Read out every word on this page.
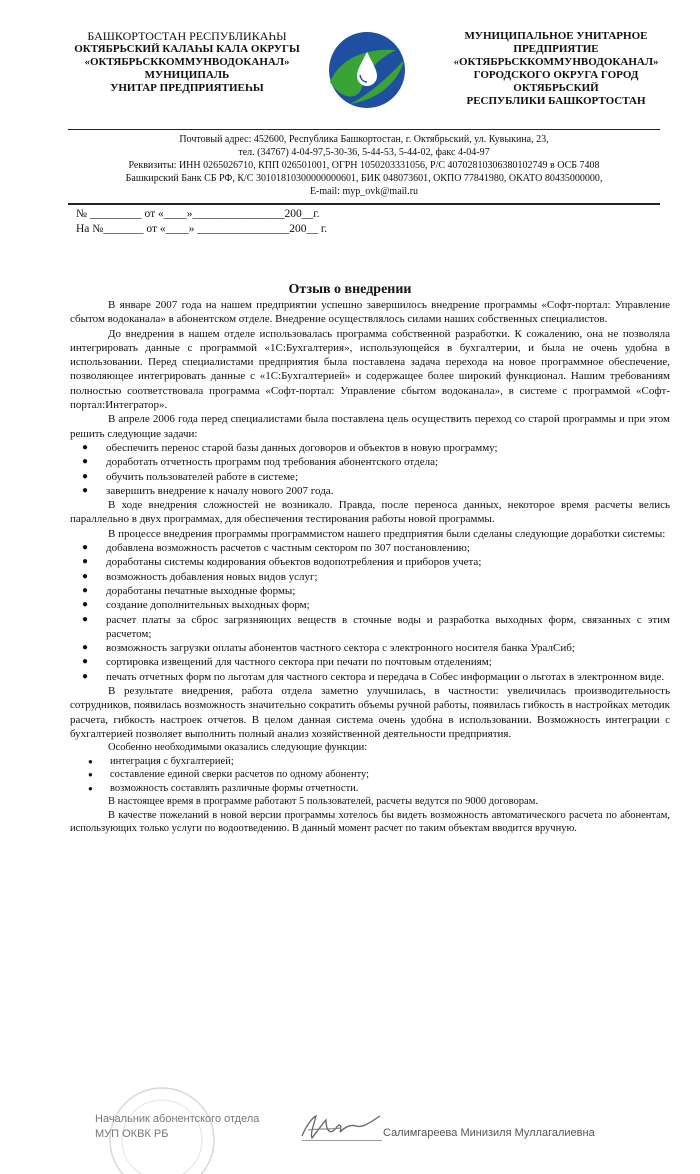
БАШКОРТОСТАН РЕСПУБЛИКАҺЫ
ОКТЯБРЬСКИЙ КАЛАҺЫ КАЛА ОКРУГЫ
«ОКТЯБРЬСККОММУНВОДОКАНАЛ»
МУНИЦИПАЛЬ
УНИТАР ПРЕДПРИЯТИЕҺЫ
МУНИЦИПАЛЬНОЕ УНИТАРНОЕ
ПРЕДПРИЯТИЕ
«ОКТЯБРЬСККОММУНВОДОКАНАЛ»
ГОРОДСКОГО ОКРУГА ГОРОД
ОКТЯБРЬСКИЙ
РЕСПУБЛИКИ БАШКОРТОСТАН
Почтовый адрес: 452600, Республика Башкортостан, г. Октябрьский, ул. Кувыкина, 23,
тел. (34767) 4-04-97,5-30-36, 5-44-53, 5-44-02, факс 4-04-97
Реквизиты: ИНН 0265026710, КПП 026501001, ОГРН 1050203331056, Р/С 40702810306380102749 в ОСБ 7408
Башкирский Банк СБ РФ, К/С 30101810300000000601, БИК 048073601, ОКПО 77841980, ОКАТО 80435000000,
E-mail: myp_ovk@mail.ru
№ _________ от «____»________________200__г.
На №_______ от «____» ________________200__ г.
Отзыв о внедрении

В январе 2007 года на нашем предприятии успешно завершилось внедрение программы «Софт-портал: Управление сбытом водоканала» в абонентском отделе. Внедрение осуществлялось силами наших собственных специалистов.

До внедрения в нашем отделе использовалась программа собственной разработки. К сожалению, она не позволяла интегрировать данные с программой «1С:Бухгалтерия», использующейся в бухгалтерии, и была не очень удобна в использовании. Перед специалистами предприятия была поставлена задача перехода на новое программное обеспечение, позволяющее интегрировать данные с «1С:Бухгалтерией» и содержащее более широкий функционал. Нашим требованиям полностью соответствовала программа «Софт-портал: Управление сбытом водоканала», в системе с программой «Софт-портал:Интегратор».

В апреле 2006 года перед специалистами была поставлена цель осуществить переход со старой программы и при этом решить следующие задачи:

● обеспечить перенос старой базы данных договоров и объектов в новую программу;
● доработать отчетность программ под требования абонентского отдела;
● обучить пользователей работе в системе;
● завершить внедрение к началу нового 2007 года.

В ходе внедрения сложностей не возникало. Правда, после переноса данных, некоторое время расчеты велись параллельно в двух программах, для обеспечения тестирования работы новой программы.

В процессе внедрения программы программистом нашего предприятия были сделаны следующие доработки системы:

● добавлена возможность расчетов с частным сектором по 307 постановлению;
● доработаны системы кодирования объектов водопотребления и приборов учета;
● возможность добавления новых видов услуг;
● доработаны печатные выходные формы;
● создание дополнительных выходных форм;
● расчет платы за сброс загрязняющих веществ в сточные воды и разработка выходных форм, связанных с этим расчетом;
● возможность загрузки оплаты абонентов частного сектора с электронного носителя банка УралСиб;
● сортировка извещений для частного сектора при печати по почтовым отделениям;
● печать отчетных форм по льготам для частного сектора и передача в Собес информации о льготах в электронном виде.

В результате внедрения, работа отдела заметно улучшилась, в частности: увеличилась производительность сотрудников, появилась возможность значительно сократить объемы ручной работы, появилась гибкость в настройках методик расчета, гибкость настроек отчетов. В целом данная система очень удобна в использовании. Возможность интеграции с бухгалтерией позволяет выполнить полный анализ хозяйственной деятельности предприятия.

Особенно необходимыми оказались следующие функции:

● интеграция с бухгалтерией;
● составление единой сверки расчетов по одному абоненту;
● возможность составлять различные формы отчетности.

В настоящее время в программе работают 5 пользователей, расчеты ведутся по 9000 договорам.

В качестве пожеланий в новой версии программы хотелось бы видеть возможность автоматического расчета по абонентам, использующих только услуги по водоотведению. В данный момент расчет по таким объектам вводится вручную.

Начальник абонентского отдела
МУП ОКВК РБ	Салимгареева Минизиля Муллагалиевна
